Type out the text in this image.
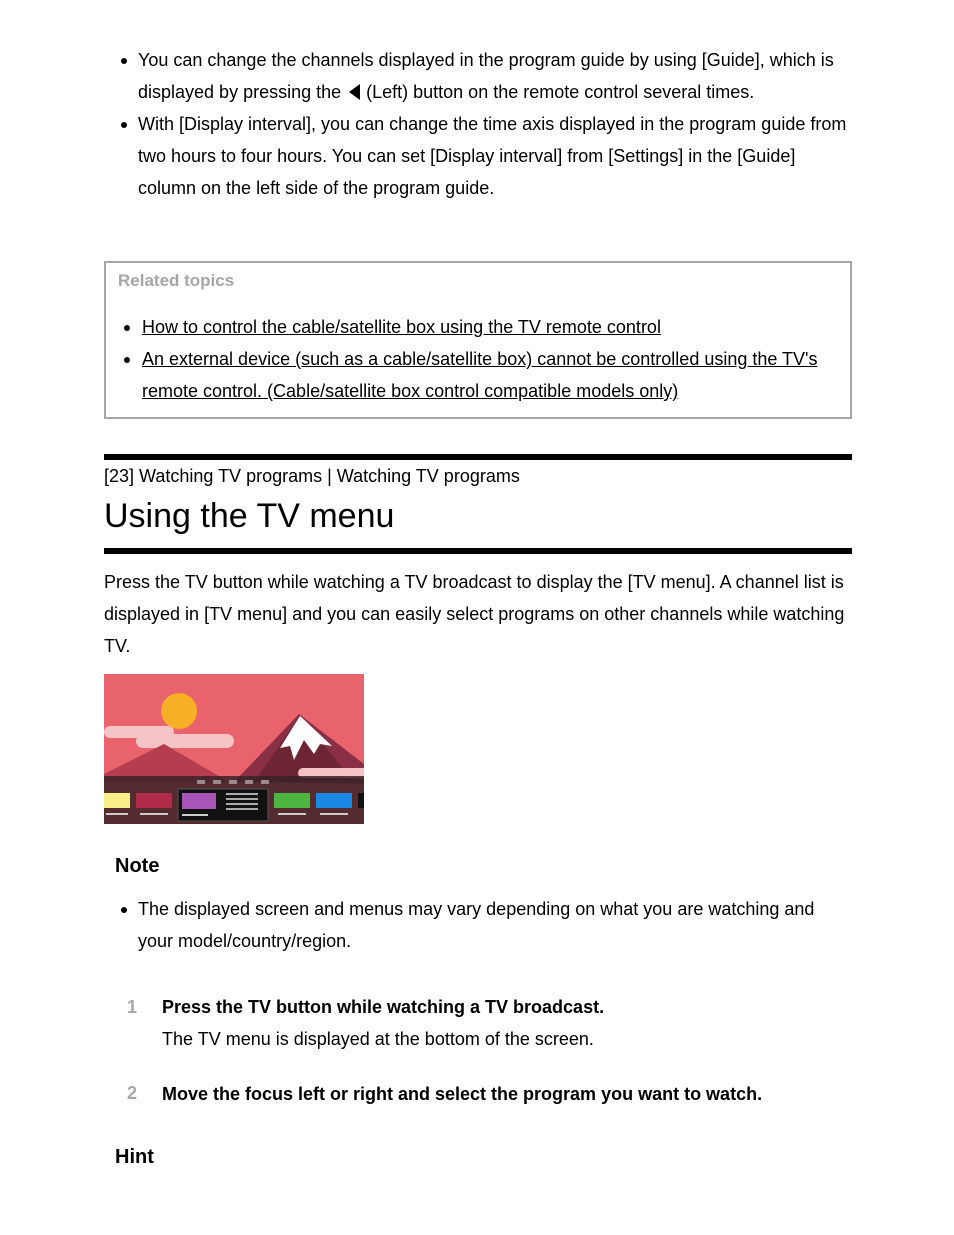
You can change the channels displayed in the program guide by using [Guide], which is displayed by pressing the (Left) button on the remote control several times.
With [Display interval], you can change the time axis displayed in the program guide from two hours to four hours. You can set [Display interval] from [Settings] in the [Guide] column on the left side of the program guide.
Related topics
How to control the cable/satellite box using the TV remote control
An external device (such as a cable/satellite box) cannot be controlled using the TV's remote control. (Cable/satellite box control compatible models only)
[23] Watching TV programs | Watching TV programs
Using the TV menu

Press the TV button while watching a TV broadcast to display the [TV menu]. A channel list is displayed in [TV menu] and you can easily select programs on other channels while watching TV.

Note
The displayed screen and menus may vary depending on what you are watching and your model/country/region.
1 Press the TV button while watching a TV broadcast.
The TV menu is displayed at the bottom of the screen.
2 Move the focus left or right and select the program you want to watch.
Hint
